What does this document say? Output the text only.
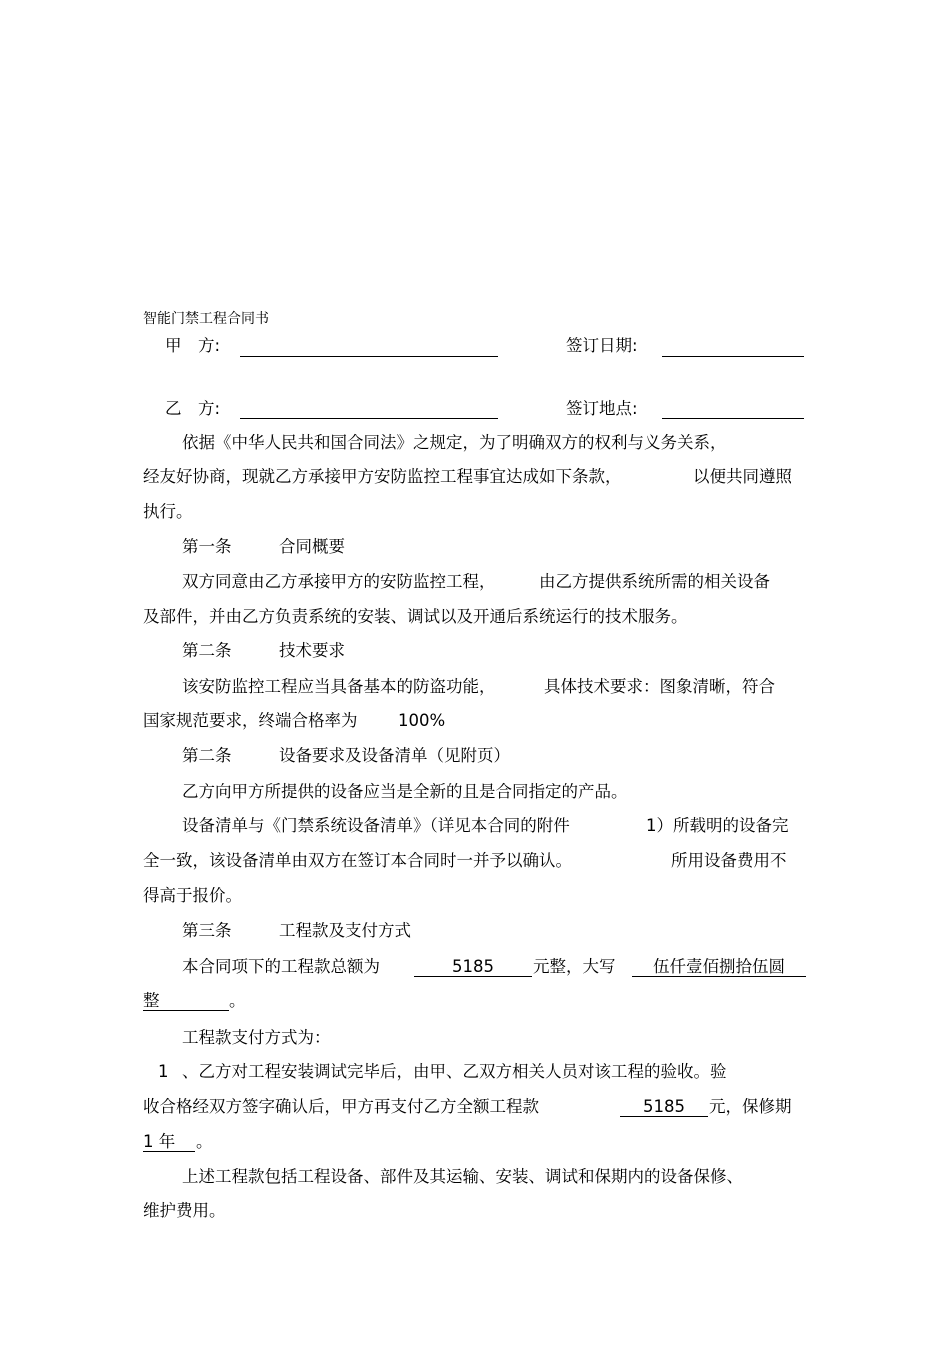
智能门禁工程合同书
甲　方:	签订日期:
乙　方:	签订地点:
依据《中华人民共和国合同法》之规定，为了明确双方的权利与义务关系，
经友好协商，现就乙方承接甲方安防监控工程事宜达成如下条款，	以便共同遵照
执行。
第一条	合同概要
双方同意由乙方承接甲方的安防监控工程，	由乙方提供系统所需的相关设备
及部件，并由乙方负责系统的安装、调试以及开通后系统运行的技术服务。
第二条	技术要求
该安防监控工程应当具备基本的防盗功能，	具体技术要求：图象清晰，符合
国家规范要求，终端合格率为 100%
第二条	设备要求及设备清单（见附页）
乙方向甲方所提供的设备应当是全新的且是合同指定的产品。
设备清单与《门禁系统设备清单》（详见本合同的附件	1）所载明的设备完
全一致，该设备清单由双方在签订本合同时一并予以确认。	所用设备费用不
得高于报价。
第三条	工程款及支付方式
本合同项下的工程款总额为	5185	元整，大写	伍仟壹佰捌拾伍圆
整	。
工程款支付方式为：
1 、乙方对工程安装调试完毕后，由甲、乙双方相关人员对该工程的验收。验
收合格经双方签字确认后，甲方再支付乙方全额工程款	5185	元，保修期
1 年	。
上述工程款包括工程设备、部件及其运输、安装、调试和保期内的设备保修、
维护费用。
